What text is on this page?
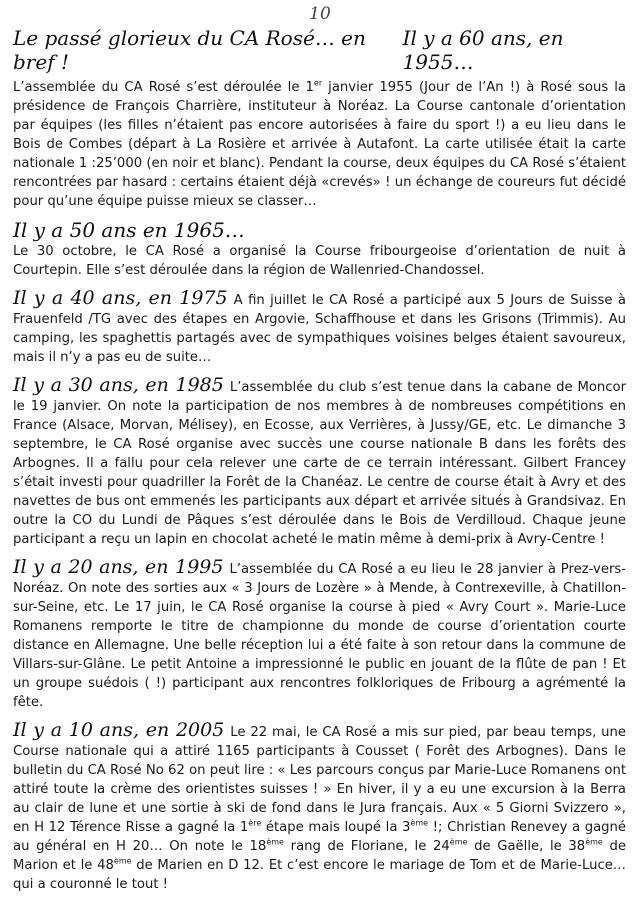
10
Le passé glorieux du CA Rosé… en bref !
Il y a 60 ans, en 1955…

L’assemblée du CA Rosé s’est déroulée le 1er janvier 1955 (Jour de l’An !) à Rosé sous la présidence de François Charrière, instituteur à Noréaz. La Course cantonale d’orientation par équipes (les filles n’étaient pas encore autorisées à faire du sport !) a eu lieu dans le Bois de Combes (départ à La Rosière et arrivée à Autafont. La carte utilisée était la carte nationale 1 :25’000 (en noir et blanc). Pendant la course, deux équipes du CA Rosé s’étaient rencontrées par hasard : certains étaient déjà «crevés» ! un échange de coureurs fut décidé pour qu’une équipe puisse mieux se classer…

Il y a 50 ans en 1965…

Le 30 octobre, le CA Rosé a organisé la Course fribourgeoise d’orientation de nuit à Courtepin. Elle s’est déroulée dans la région de Wallenried-Chandossel.

Il y a 40 ans, en 1975 A fin juillet le CA Rosé a participé aux 5 Jours de Suisse à Frauenfeld /TG avec des étapes en Argovie, Schaffhouse et dans les Grisons (Trimmis). Au camping, les spaghettis partagés avec de sympathiques voisines belges étaient savoureux, mais il n’y a pas eu de suite…

Il y a 30 ans, en 1985 L’assemblée du club s’est tenue dans la cabane de Moncor le 19 janvier. On note la participation de nos membres à de nombreuses compétitions en France (Alsace, Morvan, Mélisey), en Ecosse, aux Verrières, à Jussy/GE, etc. Le dimanche 3 septembre, le CA Rosé organise avec succès une course nationale B dans les forêts des Arbognes. Il a fallu pour cela relever une carte de ce terrain intéressant. Gilbert Francey s’était investi pour quadriller la Forêt de la Chanéaz. Le centre de course était à Avry et des navettes de bus ont emmenés les participants aux départ et arrivée situés à Grandsivaz. En outre la CO du Lundi de Pâques s’est déroulée dans le Bois de Verdilloud. Chaque jeune participant a reçu un lapin en chocolat acheté le matin même à demi-prix à Avry-Centre !

Il y a 20 ans, en 1995 L’assemblée du CA Rosé a eu lieu le 28 janvier à Prez-vers-Noréaz. On note des sorties aux « 3 Jours de Lozère » à Mende, à Contrexeville, à Chatillon-sur-Seine, etc. Le 17 juin, le CA Rosé organise la course à pied « Avry Court ». Marie-Luce Romanens remporte le titre de championne du monde de course d’orientation courte distance en Allemagne. Une belle réception lui a été faite à son retour dans la commune de Villars-sur-Glâne. Le petit Antoine a impressionné le public en jouant de la flûte de pan ! Et un groupe suédois ( !) participant aux rencontres folkloriques de Fribourg a agrémenté la fête.

Il y a 10 ans, en 2005 Le 22 mai, le CA Rosé a mis sur pied, par beau temps, une Course nationale qui a attiré 1165 participants à Cousset ( Forêt des Arbognes). Dans le bulletin du CA Rosé No 62 on peut lire : « Les parcours conçus par Marie-Luce Romanens ont attiré toute la crème des orientistes suisses ! » En hiver, il y a eu une excursion à la Berra au clair de lune et une sortie à ski de fond dans le Jura français. Aux « 5 Giorni Svizzero », en H 12 Térence Risse a gagné la 1ère étape mais loupé la 3ème !; Christian Renevey a gagné au général en H 20… On note le 18ème rang de Floriane, le 24ème de Gaëlle, le 38ème de Marion et le 48ème de Marien en D 12. Et c’est encore le mariage de Tom et de Marie-Luce… qui a couronné le tout !
